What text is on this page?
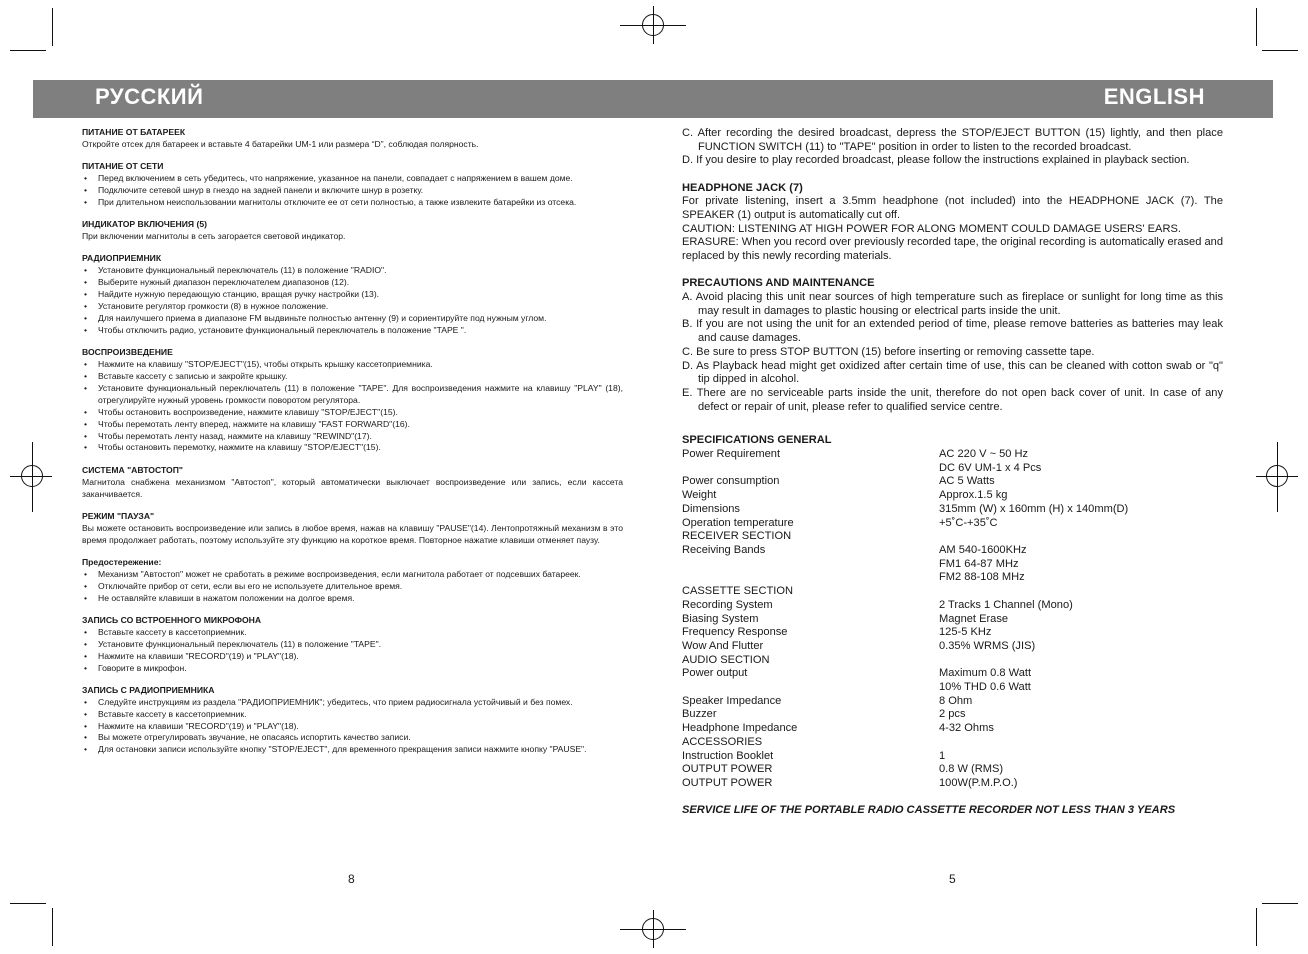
РУССКИЙ	ENGLISH

ПИТАНИЕ ОТ БАТАРЕЕК

Откройте отсек для батареек и вставьте 4 батарейки UM-1 или размера “D”, соблюдая полярность.

ПИТАНИЕ ОТ СЕТИ

• Перед включением в сеть убедитесь, что напряжение, указанное на панели, совпадает с напряжением в вашем доме.
• Подключите сетевой шнур в гнездо на задней панели и включите шнур в розетку.
• При длительном неиспользовании магнитолы отключите ее от сети полностью, а также извлеките батарейки из отсека.

ИНДИКАТОР ВКЛЮЧЕНИЯ (5)

При включении магнитолы в сеть загорается световой индикатор.

РАДИОПРИЕМНИК

• Установите функциональный переключатель (11) в положение "RADIO".
• Выберите нужный диапазон переключателем диапазонов (12).
• Найдите нужную передающую станцию, вращая ручку настройки (13).
• Установите регулятор громкости (8) в нужное положение.
• Для наилучшего приема в диапазоне FM выдвиньте полностью антенну (9) и сориентируйте под нужным углом.
• Чтобы отключить радио, установите функциональный переключатель в положение "TAPE ".

ВОСПРОИЗВЕДЕНИЕ

• Нажмите на клавишу "STOP/EJECT"(15), чтобы открыть крышку кассетоприемника.
• Вставьте кассету с записью и закройте крышку.
• Установите функциональный переключатель (11) в положение "TAPE". Для воспроизведения нажмите на клавишу "PLAY" (18), отрегулируйте нужный уровень громкости поворотом регулятора.
• Чтобы остановить воспроизведение, нажмите клавишу "STOP/EJECT"(15).
• Чтобы перемотать ленту вперед, нажмите на клавишу "FAST FORWARD"(16).
• Чтобы перемотать ленту назад, нажмите на клавишу "REWIND"(17).
• Чтобы остановить перемотку, нажмите на клавишу "STOP/EJECT"(15).

СИСТЕМА "АВТОСТОП"

Магнитола снабжена механизмом "Автостоп", который автоматически выключает воспроизведение или запись, если кассета заканчивается.

РЕЖИМ "ПАУЗА"

Вы можете остановить воспроизведение или запись в любое время, нажав на клавишу "PAUSE"(14). Лентопротяжный механизм в это время продолжает работать, поэтому используйте эту функцию на короткое время. Повторное нажатие клавиши отменяет паузу.

Предостережение:

• Механизм "Автостоп" может не сработать в режиме воспроизведения, если магнитола работает от подсевших батареек.
• Отключайте прибор от сети, если вы его не используете длительное время.
• Не оставляйте клавиши в нажатом положении на долгое время.

ЗАПИСЬ СО ВСТРОЕННОГО МИКРОФОНА

• Вставьте кассету в кассетоприемник.
• Установите функциональный переключатель (11) в положение "TAPE".
• Нажмите на клавиши "RECORD"(19) и "PLAY"(18).
• Говорите в микрофон.

ЗАПИСЬ С РАДИОПРИЕМНИКА

• Следуйте инструкциям из раздела "РАДИОПРИЕМНИК"; убедитесь, что прием радиосигнала устойчивый и без помех.
• Вставьте кассету в кассетоприемник.
• Нажмите на клавиши "RECORD"(19) и "PLAY"(18).
• Вы можете отрегулировать звучание, не опасаясь испортить качество записи.
• Для остановки записи используйте кнопку "STOP/EJECT", для временного прекращения записи нажмите кнопку "PAUSE".
C. After recording the desired broadcast, depress the STOP/EJECT BUTTON (15) lightly, and then place FUNCTION SWITCH (11) to "TAPE" position in order to listen to the recorded broadcast.
D. If you desire to play recorded broadcast, please follow the instructions explained in playback section.

HEADPHONE JACK (7)

For private listening, insert a 3.5mm headphone (not included) into the HEADPHONE JACK (7). The SPEAKER (1) output is automatically cut off.

CAUTION: LISTENING AT HIGH POWER FOR ALONG MOMENT COULD DAMAGE USERS' EARS.

ERASURE: When you record over previously recorded tape, the original recording is automatically erased and replaced by this newly recording materials.

PRECAUTIONS AND MAINTENANCE

A. Avoid placing this unit near sources of high temperature such as fireplace or sunlight for long time as this may result in damages to plastic housing or electrical parts inside the unit.
B. If you are not using the unit for an extended period of time, please remove batteries as batteries may leak and cause damages.
C. Be sure to press STOP BUTTON (15) before inserting or removing cassette tape.
D. As Playback head might get oxidized after certain time of use, this can be cleaned with cotton swab or "q" tip dipped in alcohol.
E. There are no serviceable parts inside the unit, therefore do not open back cover of unit. In case of any defect or repair of unit, please refer to qualified service centre.

SPECIFICATIONS GENERAL

Power Requirement	AC 220 V ~ 50 Hz
DC 6V UM-1 x 4 Pcs
Power consumption	AC 5 Watts
Weight	Approx.1.5 kg
Dimensions	315mm (W) x 160mm (H) x 140mm(D)
Operation temperature	+5˚C-+35˚C
RECEIVER SECTION
Receiving Bands	AM 540-1600KHz
FM1 64-87 MHz
FM2 88-108 MHz
CASSETTE SECTION
Recording System	2 Tracks 1 Channel (Mono)
Biasing System	Magnet Erase
Frequency Response	125-5 KHz
Wow And Flutter	0.35% WRMS (JIS)
AUDIO SECTION
Power output	Maximum 0.8 Watt
10% THD 0.6 Watt
Speaker Impedance	8 Ohm
Buzzer	2 pcs
Headphone Impedance	4-32 Ohms
ACCESSORIES
Instruction Booklet	1
OUTPUT POWER	0.8 W (RMS)
OUTPUT POWER	100W(P.M.P.O.)

SERVICE LIFE OF THE PORTABLE RADIO CASSETTE RECORDER NOT LESS THAN 3 YEARS

8	5
